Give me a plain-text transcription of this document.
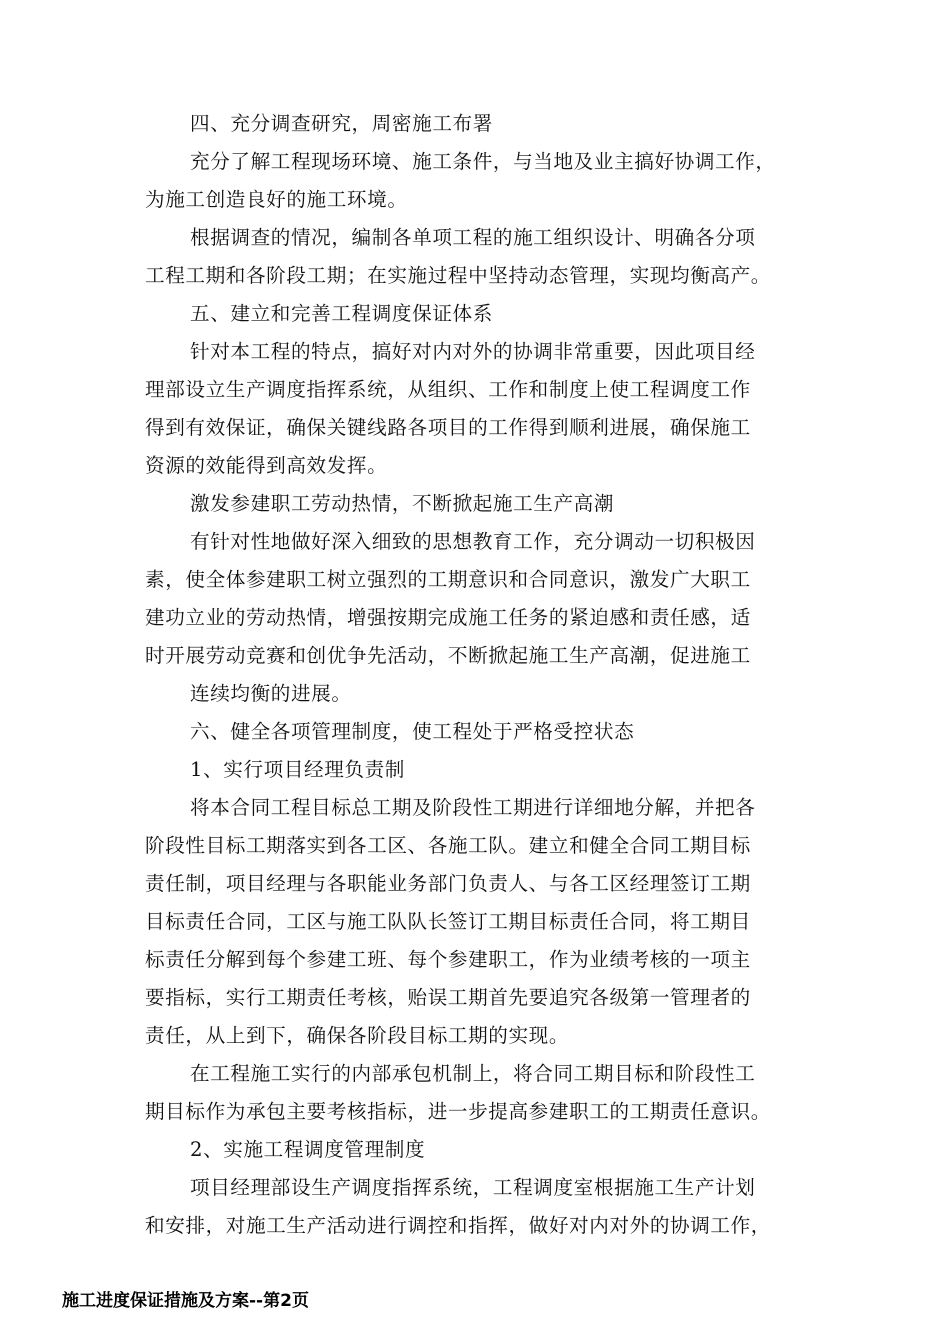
四、充分调查研究，周密施工布署
充分了解工程现场环境、施工条件，与当地及业主搞好协调工作，
为施工创造良好的施工环境。
根据调查的情况，编制各单项工程的施工组织设计、明确各分项
工程工期和各阶段工期；在实施过程中坚持动态管理，实现均衡高产。
五、建立和完善工程调度保证体系
针对本工程的特点，搞好对内对外的协调非常重要，因此项目经
理部设立生产调度指挥系统，从组织、工作和制度上使工程调度工作
得到有效保证，确保关键线路各项目的工作得到顺利进展，确保施工
资源的效能得到高效发挥。
激发参建职工劳动热情，不断掀起施工生产高潮
有针对性地做好深入细致的思想教育工作，充分调动一切积极因
素，使全体参建职工树立强烈的工期意识和合同意识，激发广大职工
建功立业的劳动热情，增强按期完成施工任务的紧迫感和责任感，适
时开展劳动竞赛和创优争先活动，不断掀起施工生产高潮，促进施工
连续均衡的进展。
六、健全各项管理制度，使工程处于严格受控状态
1、实行项目经理负责制
将本合同工程目标总工期及阶段性工期进行详细地分解，并把各
阶段性目标工期落实到各工区、各施工队。建立和健全合同工期目标
责任制，项目经理与各职能业务部门负责人、与各工区经理签订工期
目标责任合同，工区与施工队队长签订工期目标责任合同，将工期目
标责任分解到每个参建工班、每个参建职工，作为业绩考核的一项主
要指标，实行工期责任考核，贻误工期首先要追究各级第一管理者的
责任，从上到下，确保各阶段目标工期的实现。
在工程施工实行的内部承包机制上，将合同工期目标和阶段性工
期目标作为承包主要考核指标，进一步提高参建职工的工期责任意识。
2、实施工程调度管理制度
项目经理部设生产调度指挥系统，工程调度室根据施工生产计划
和安排，对施工生产活动进行调控和指挥，做好对内对外的协调工作，
施工进度保证措施及方案--第2页
